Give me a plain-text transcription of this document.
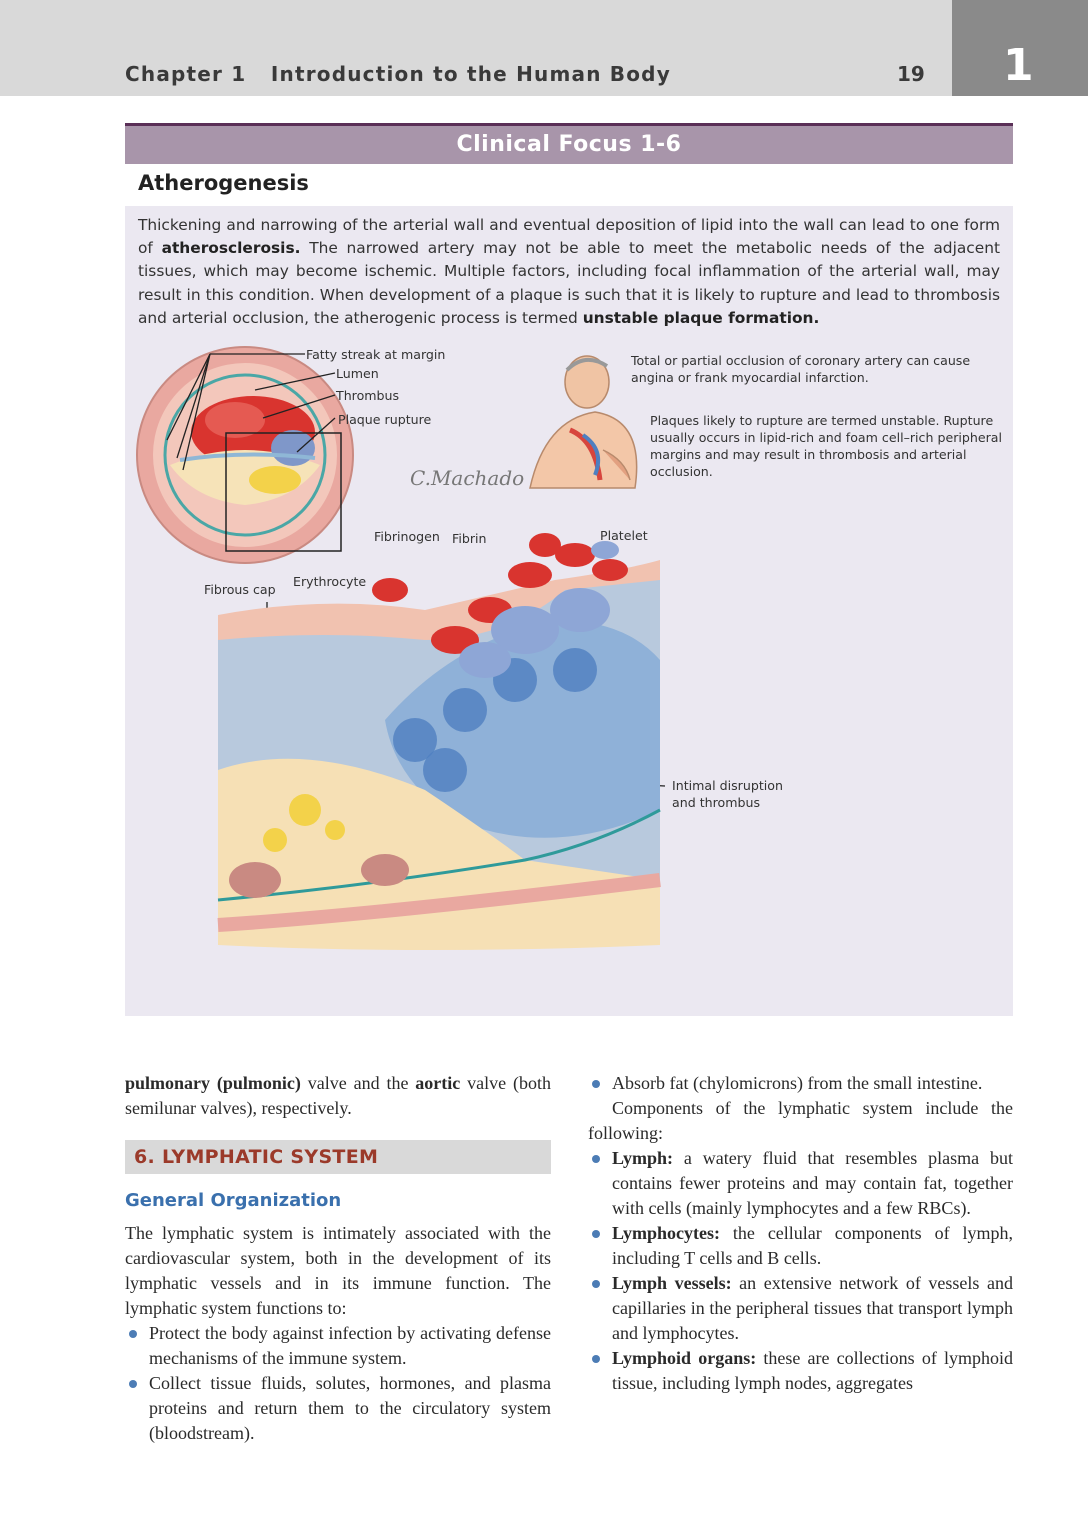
Chapter 1   Introduction to the Human Body	19 1
Clinical Focus 1-6
Atherogenesis
Thickening and narrowing of the arterial wall and eventual deposition of lipid into the wall can lead to one form of atherosclerosis. The narrowed artery may not be able to meet the metabolic needs of the adjacent tissues, which may become ischemic. Multiple factors, including focal inflammation of the arterial wall, may result in this condition. When development of a plaque is such that it is likely to rupture and lead to thrombosis and arterial occlusion, the atherogenic process is termed unstable plaque formation.
C.Machado
Fatty streak at margin
Lumen
Thrombus
Plaque rupture
Total or partial occlusion of coronary artery can cause angina or frank myocardial infarction.
Plaques likely to rupture are termed unstable. Rupture usually occurs in lipid-rich and foam cell–rich peripheral margins and may result in thrombosis and arterial occlusion.
Fibrinogen Fibrin	Platelet
Erythrocyte
Fibrous cap
Intimal disruption and thrombus

pulmonary (pulmonic) valve and the aortic valve (both semilunar valves), respectively.

6. LYMPHATIC SYSTEM
General Organization

The lymphatic system is intimately associated with the cardiovascular system, both in the development of its lymphatic vessels and in its immune function. The lymphatic system functions to:

Protect the body against infection by activating defense mechanisms of the immune system.

Collect tissue fluids, solutes, hormones, and plasma proteins and return them to the circulatory system (bloodstream).

Absorb fat (chylomicrons) from the small intestine.

Components of the lymphatic system include the following:

Lymph: a watery fluid that resembles plasma but contains fewer proteins and may contain fat, together with cells (mainly lymphocytes and a few RBCs).

Lymphocytes: the cellular components of lymph, including T cells and B cells.

Lymph vessels: an extensive network of vessels and capillaries in the peripheral tissues that transport lymph and lymphocytes.

Lymphoid organs: these are collections of lymphoid tissue, including lymph nodes, aggregates
